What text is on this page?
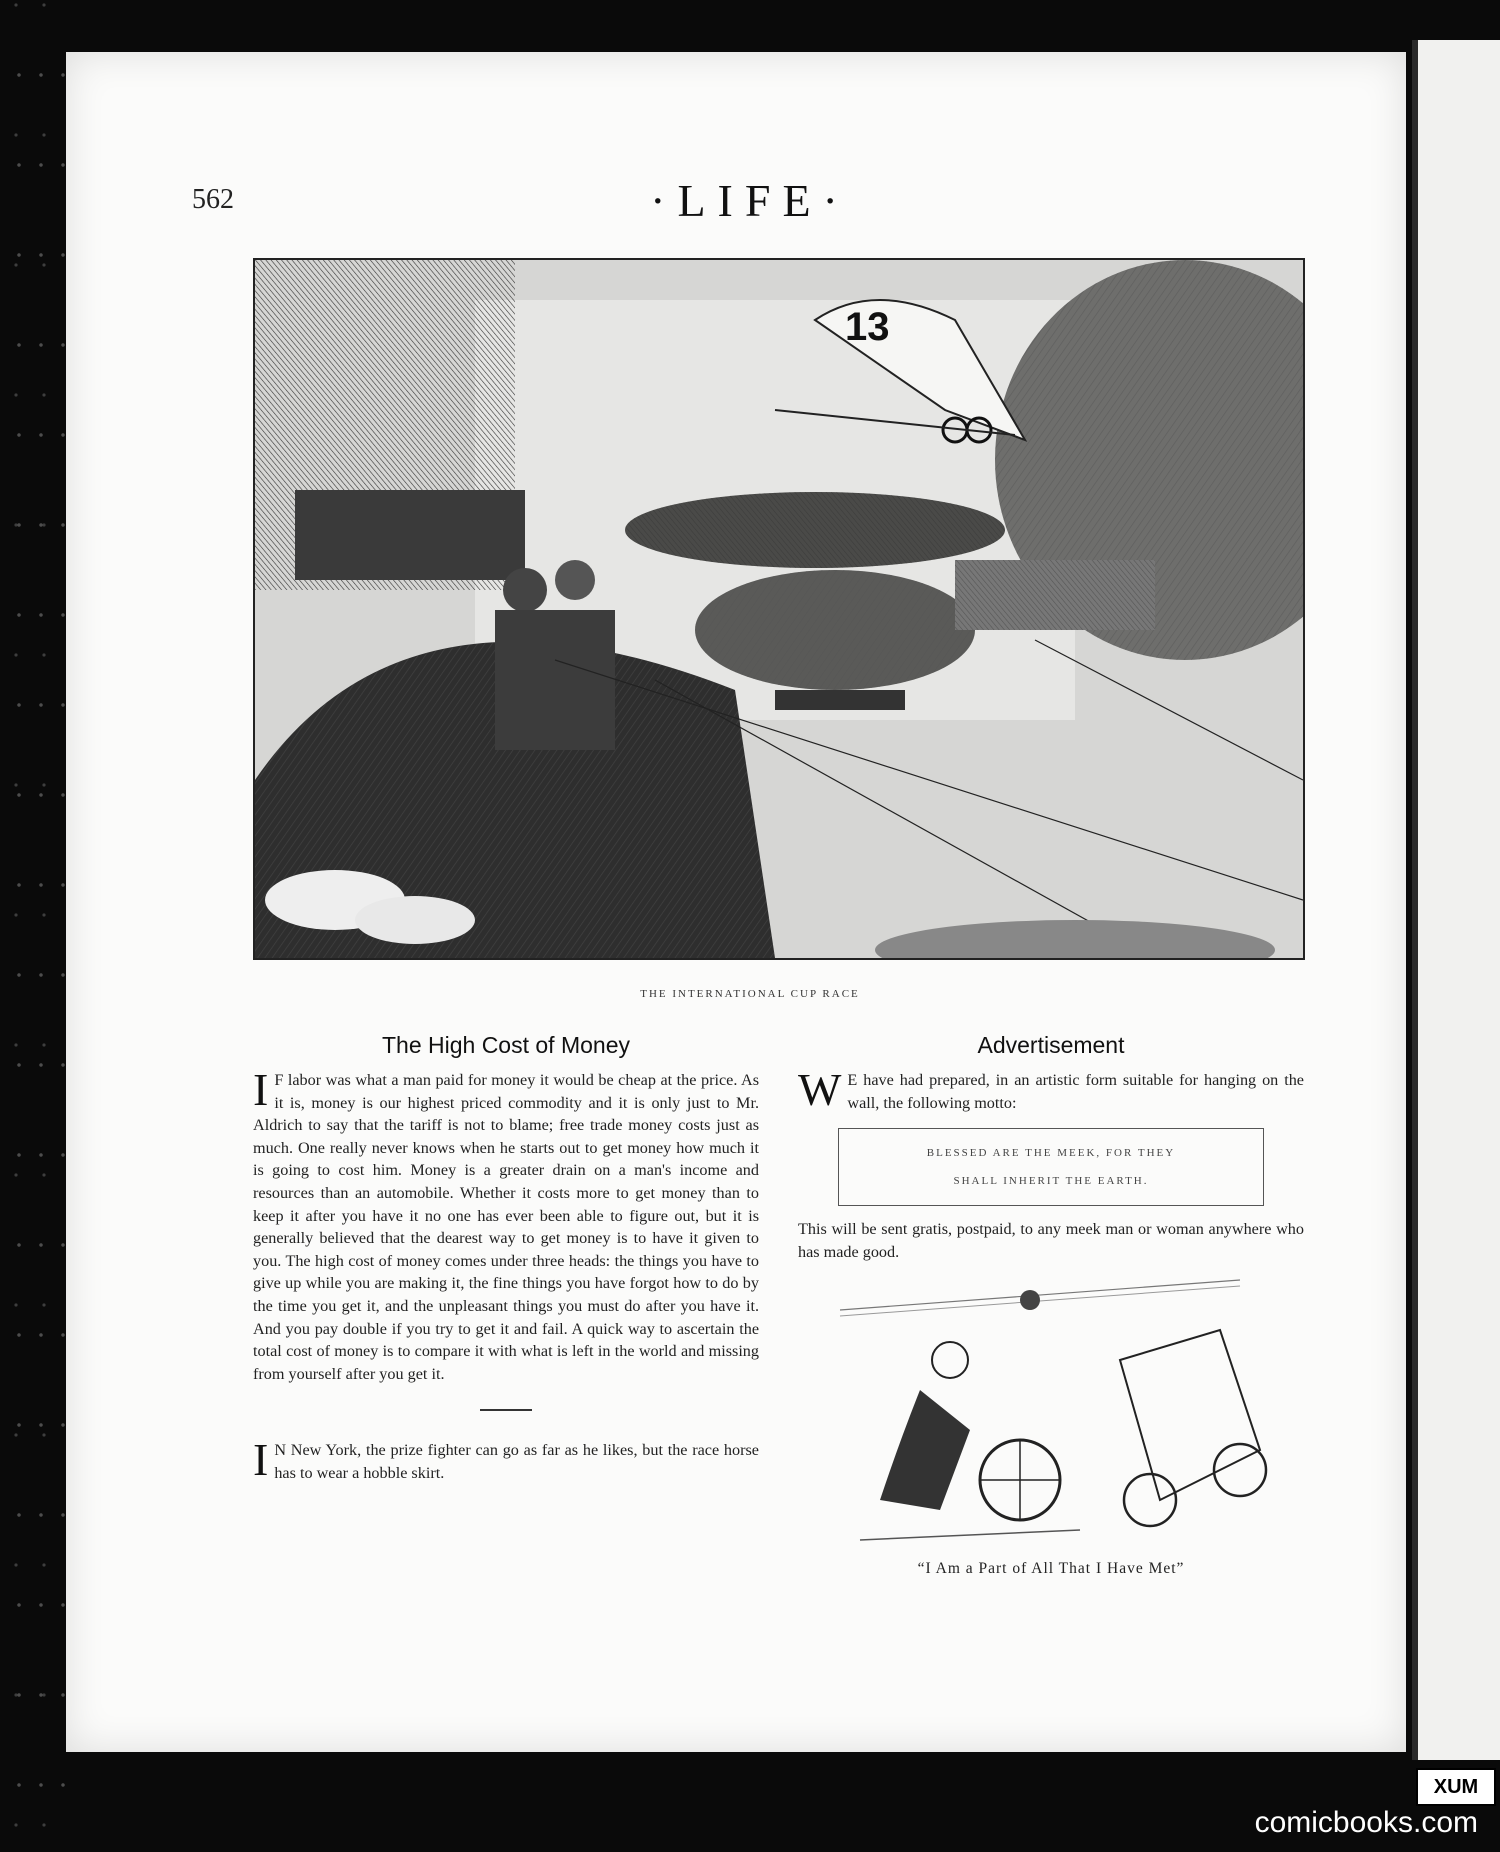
562	·LIFE·
13
THE INTERNATIONAL CUP RACE
The High Cost of Money

I F labor was what a man paid for money it would be cheap at the price. As it is, money is our highest priced commodity and it is only just to Mr. Aldrich to say that the tariff is not to blame; free trade money costs just as much. One really never knows when he starts out to get money how much it is going to cost him. Money is a greater drain on a man's income and resources than an automobile. Whether it costs more to get money than to keep it after you have it no one has ever been able to figure out, but it is generally believed that the dearest way to get money is to have it given to you. The high cost of money comes under three heads: the things you have to give up while you are making it, the fine things you have forgot how to do by the time you get it, and the unpleasant things you must do after you have it. And you pay double if you try to get it and fail. A quick way to ascertain the total cost of money is to compare it with what is left in the world and missing from yourself after you get it.

I N New York, the prize fighter can go as far as he likes, but the race horse has to wear a hobble skirt.

Advertisement

W E have had prepared, in an artistic form suitable for hanging on the wall, the following motto:

BLESSED ARE THE MEEK, FOR THEY
SHALL INHERIT THE EARTH.

This will be sent gratis, postpaid, to any meek man or woman anywhere who has made good.

“I Am a Part of All That I Have Met”
XUM
comicbooks.com
